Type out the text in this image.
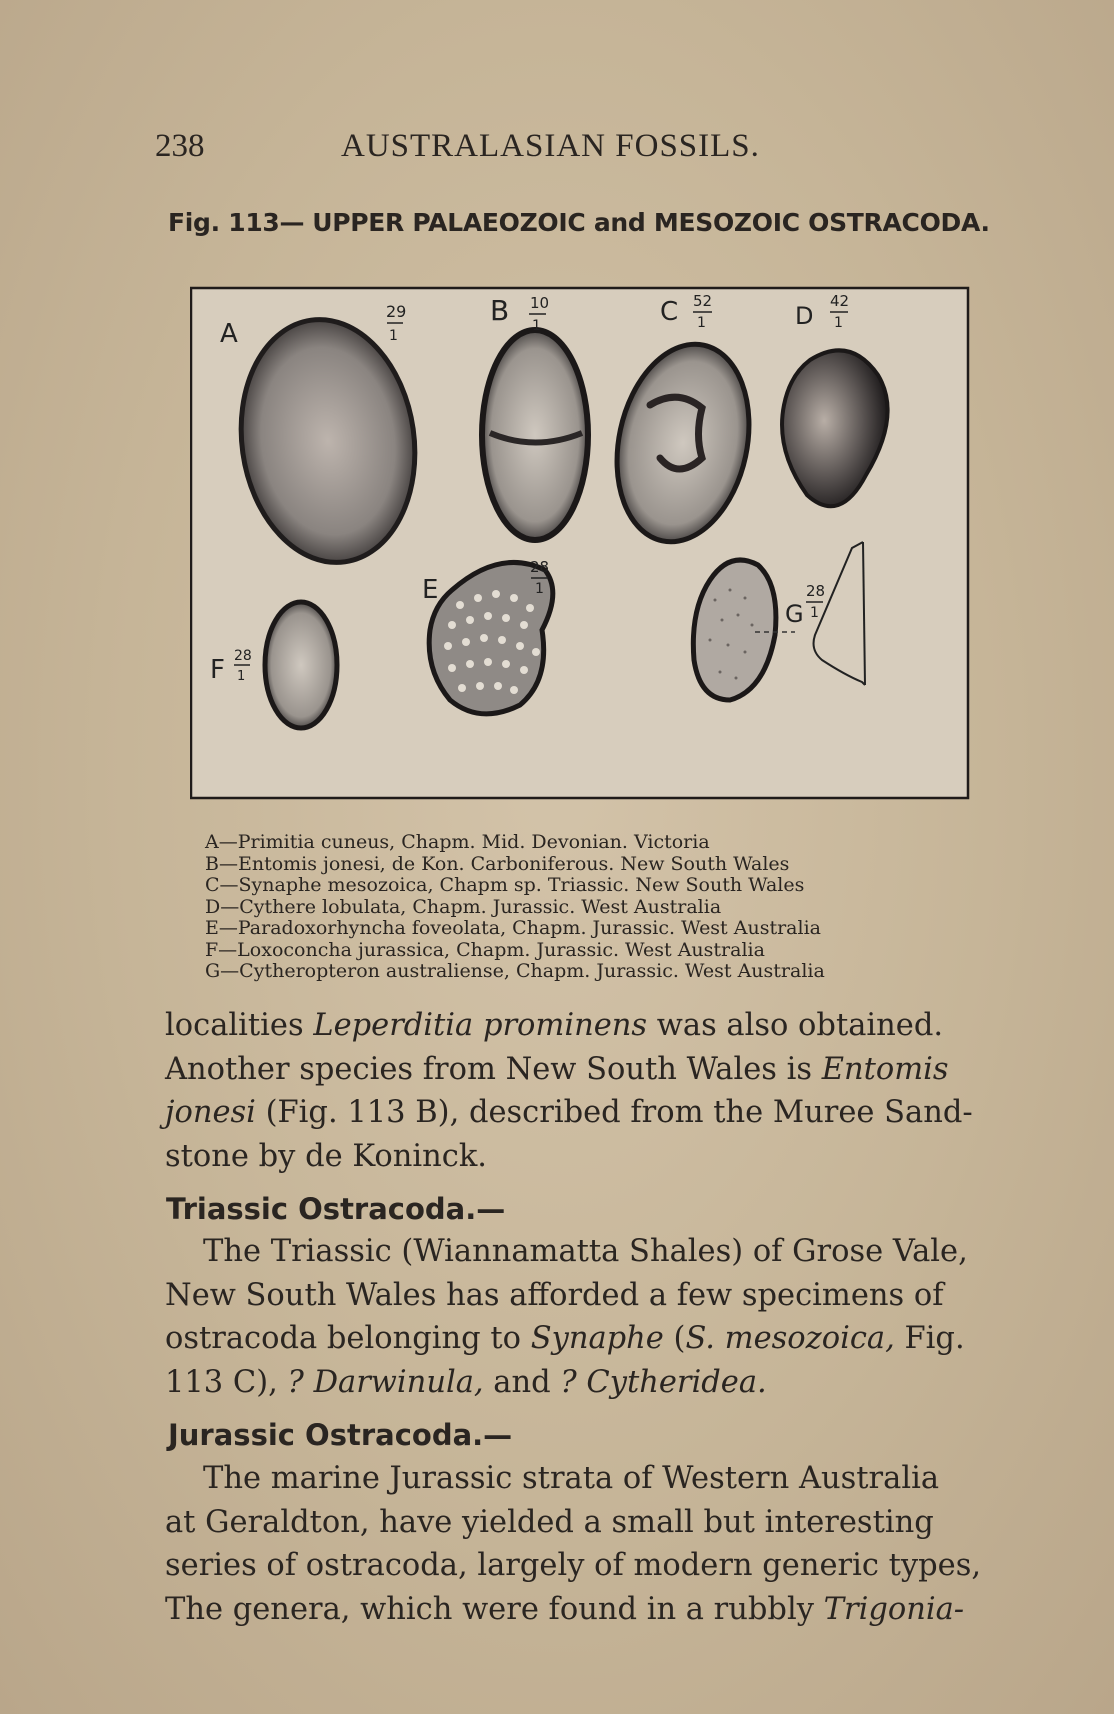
238	AUSTRALASIAN FOSSILS.
Fig. 113— UPPER PALAEOZOIC and MESOZOIC OSTRACODA.
A
29
1
B 10
1	C 52
1	D
42
1
E
28
1
F 28
1
G
28
1
A—Primitia cuneus, Chapm. Mid. Devonian. Victoria
B—Entomis jonesi, de Kon. Carboniferous. New South Wales
C—Synaphe mesozoica, Chapm sp. Triassic. New South Wales
D—Cythere lobulata, Chapm. Jurassic. West Australia
E—Paradoxorhyncha foveolata, Chapm. Jurassic. West Australia
F—Loxoconcha jurassica, Chapm. Jurassic. West Australia
G—Cytheropteron australiense, Chapm. Jurassic. West Australia
localities Leperditia prominens was also obtained.
Another species from New South Wales is Entomis
jonesi (Fig. 113 B), described from the Muree Sand-
stone by de Koninck.
Triassic Ostracoda.—
The Triassic (Wiannamatta Shales) of Grose Vale,
New South Wales has afforded a few specimens of
ostracoda belonging to Synaphe (S. mesozoica, Fig.
113 C), ? Darwinula, and ? Cytheridea.
Jurassic Ostracoda.—
The marine Jurassic strata of Western Australia
at Geraldton, have yielded a small but interesting
series of ostracoda, largely of modern generic types,
The genera, which were found in a rubbly Trigonia-
